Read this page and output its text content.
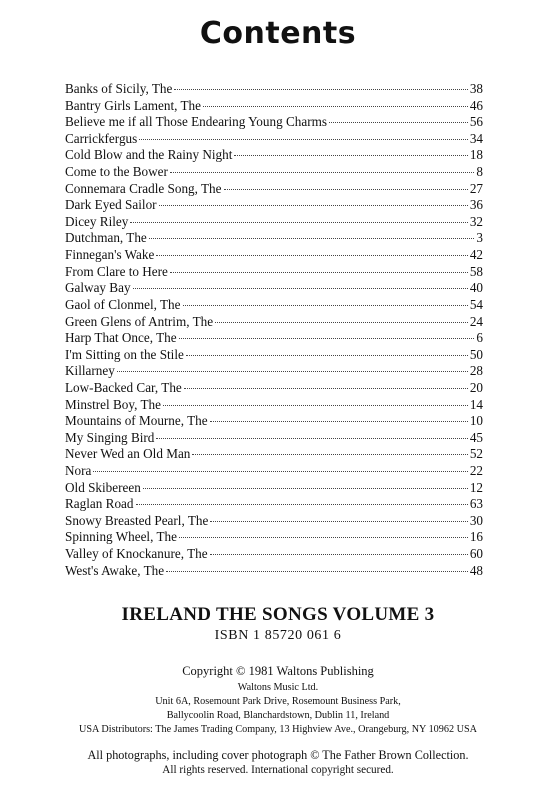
Contents
Banks of Sicily, The	38
Bantry Girls Lament, The	46
Believe me if all Those Endearing Young Charms	56
Carrickfergus	34
Cold Blow and the Rainy Night	18
Come to the Bower	8
Connemara Cradle Song, The	27
Dark Eyed Sailor	36
Dicey Riley	32
Dutchman, The	3
Finnegan's Wake	42
From Clare to Here	58
Galway Bay	40
Gaol of Clonmel, The	54
Green Glens of Antrim, The	24
Harp That Once, The	6
I'm Sitting on the Stile	50
Killarney	28
Low-Backed Car, The	20
Minstrel Boy, The	14
Mountains of Mourne, The	10
My Singing Bird	45
Never Wed an Old Man	52
Nora	22
Old Skibereen	12
Raglan Road	63
Snowy Breasted Pearl, The	30
Spinning Wheel, The	16
Valley of Knockanure, The	60
West's Awake, The	48
IRELAND THE SONGS VOLUME 3
ISBN 1 85720 061 6
Copyright © 1981 Waltons Publishing
Waltons Music Ltd.
Unit 6A, Rosemount Park Drive, Rosemount Business Park,
Ballycoolin Road, Blanchardstown, Dublin 11, Ireland
USA Distributors: The James Trading Company, 13 Highview Ave., Orangeburg, NY 10962 USA
All photographs, including cover photograph © The Father Brown Collection.
All rights reserved. International copyright secured.
